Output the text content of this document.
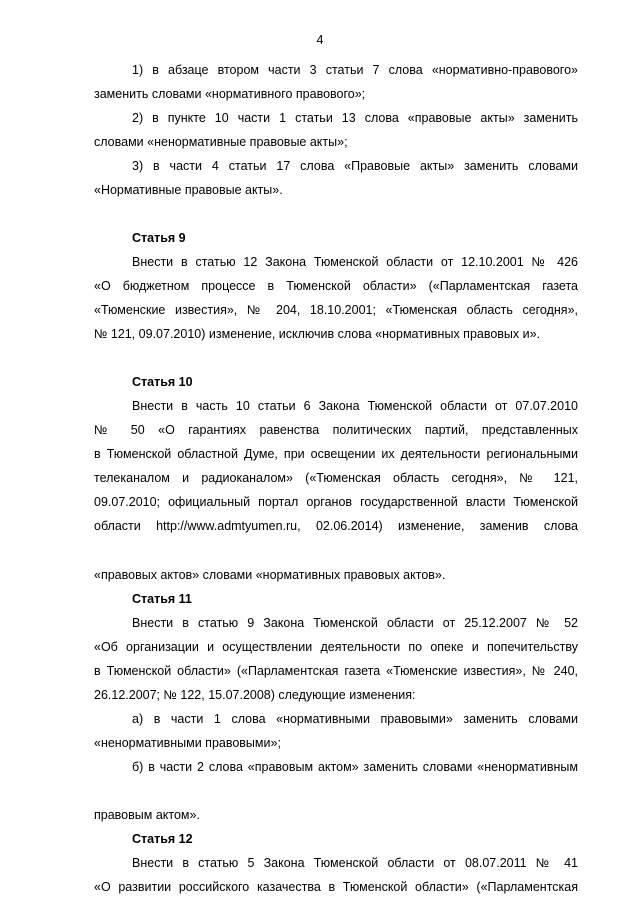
4
1) в абзаце втором части 3 статьи 7 слова «нормативно-правового»
заменить словами «нормативного правового»;
2) в пункте 10 части 1 статьи 13 слова «правовые акты» заменить
словами «ненормативные правовые акты»;
3) в части 4 статьи 17 слова «Правовые акты» заменить словами
«Нормативные правовые акты».
Статья 9
Внести в статью 12 Закона Тюменской области от 12.10.2001 № 426
«О бюджетном процессе в Тюменской области» («Парламентская газета
«Тюменские известия», № 204, 18.10.2001; «Тюменская область сегодня»,
№ 121, 09.07.2010) изменение, исключив слова «нормативных правовых и».
Статья 10
Внести в часть 10 статьи 6 Закона Тюменской области от 07.07.2010
№ 50 «О гарантиях равенства политических партий, представленных
в Тюменской областной Думе, при освещении их деятельности региональными
телеканалом и радиоканалом» («Тюменская область сегодня», № 121,
09.07.2010; официальный портал органов государственной власти Тюменской
области http://www.admtyumen.ru, 02.06.2014) изменение, заменив слова
«правовых актов» словами «нормативных правовых актов».
Статья 11
Внести в статью 9 Закона Тюменской области от 25.12.2007 № 52
«Об организации и осуществлении деятельности по опеке и попечительству
в Тюменской области» («Парламентская газета «Тюменские известия», № 240,
26.12.2007; № 122, 15.07.2008) следующие изменения:
а) в части 1 слова «нормативными правовыми» заменить словами
«ненормативными правовыми»;
б) в части 2 слова «правовым актом» заменить словами «ненормативным
правовым актом».
Статья 12
Внести в статью 5 Закона Тюменской области от 08.07.2011 № 41
«О развитии российского казачества в Тюменской области» («Парламентская
